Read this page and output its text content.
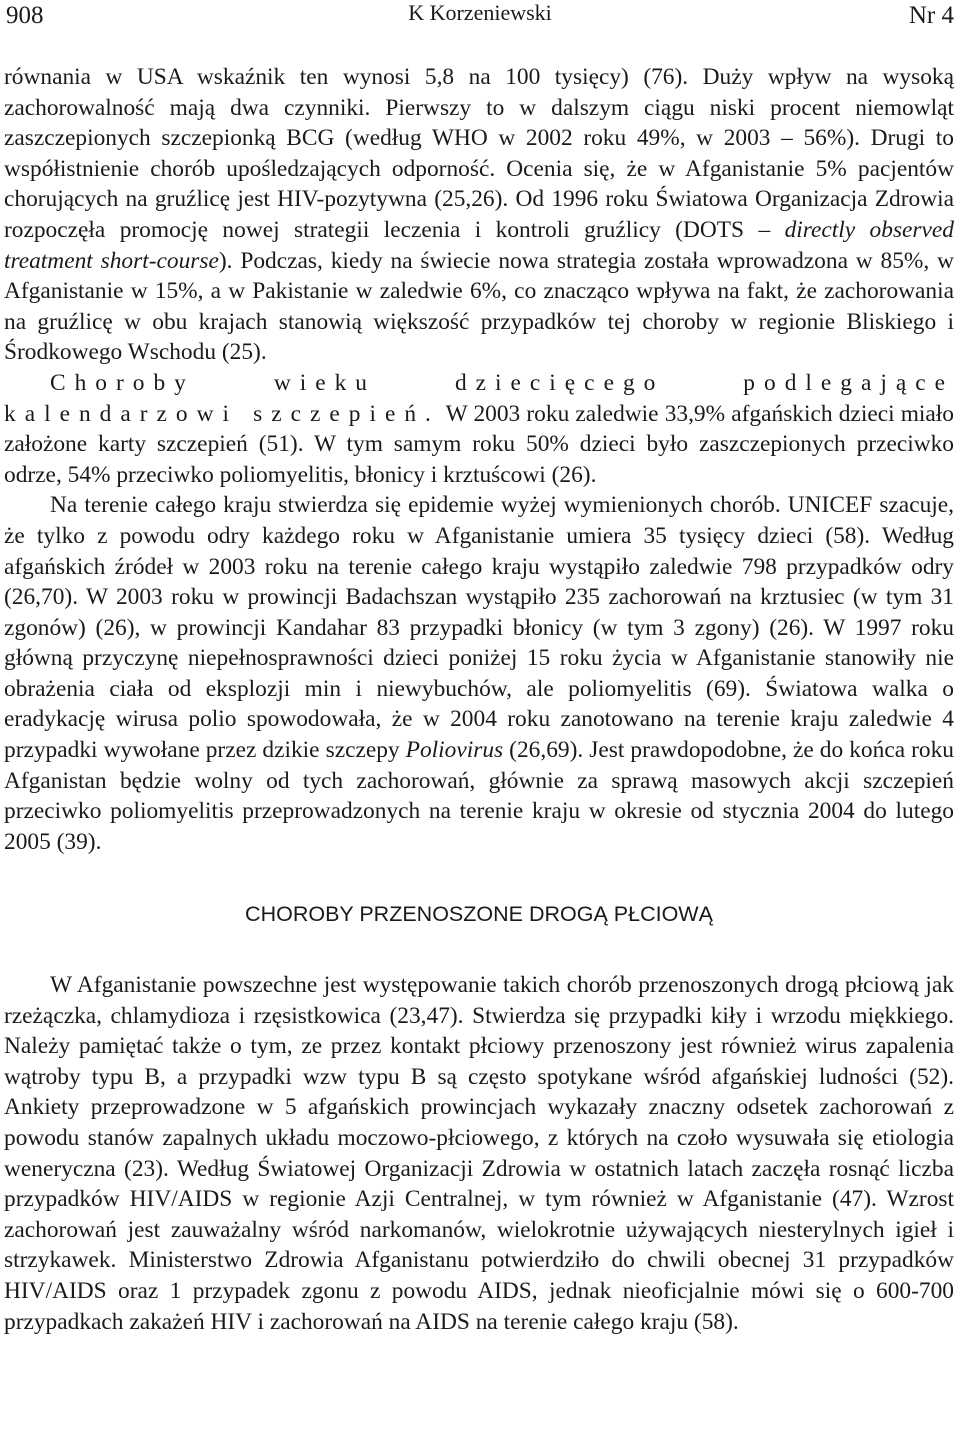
908	K Korzeniewski	Nr 4

równania w USA wskaźnik ten wynosi 5,8 na 100 tysięcy) (76). Duży wpływ na wysoką zachorowalność mają dwa czynniki. Pierwszy to w dalszym ciągu niski procent niemowląt zaszczepionych szczepionką BCG (według WHO w 2002 roku 49%, w 2003 – 56%). Drugi to współistnienie chorób upośledzających odporność. Ocenia się, że w Afganistanie 5% pacjentów chorujących na gruźlicę jest HIV-pozytywna (25,26). Od 1996 roku Światowa Organizacja Zdrowia rozpoczęła promocję nowej strategii leczenia i kontroli gruźlicy (DOTS – directly observed treatment short-course). Podczas, kiedy na świecie nowa strategia została wprowadzona w 85%, w Afganistanie w 15%, a w Pakistanie w zaledwie 6%, co znacząco wpływa na fakt, że zachorowania na gruźlicę w obu krajach stanowią większość przypadków tej choroby w regionie Bliskiego i Środkowego Wschodu (25).

Choroby wieku dziecięcego podlegające kalendarzowi szczepień. W 2003 roku zaledwie 33,9% afgańskich dzieci miało założone karty szczepień (51). W tym samym roku 50% dzieci było zaszczepionych przeciwko odrze, 54% przeciwko poliomyelitis, błonicy i krztuścowi (26).

Na terenie całego kraju stwierdza się epidemie wyżej wymienionych chorób. UNICEF szacuje, że tylko z powodu odry każdego roku w Afganistanie umiera 35 tysięcy dzieci (58). Według afgańskich źródeł w 2003 roku na terenie całego kraju wystąpiło zaledwie 798 przypadków odry (26,70). W 2003 roku w prowincji Badachszan wystąpiło 235 zachorowań na krztusiec (w tym 31 zgonów) (26), w prowincji Kandahar 83 przypadki błonicy (w tym 3 zgony) (26). W 1997 roku główną przyczynę niepełnosprawności dzieci poniżej 15 roku życia w Afganistanie stanowiły nie obrażenia ciała od eksplozji min i niewybuchów, ale poliomyelitis (69). Światowa walka o eradykację wirusa polio spowodowała, że w 2004 roku zanotowano na terenie kraju zaledwie 4 przypadki wywołane przez dzikie szczepy Poliovirus (26,69). Jest prawdopodobne, że do końca roku Afganistan będzie wolny od tych zachorowań, głównie za sprawą masowych akcji szczepień przeciwko poliomyelitis przeprowadzonych na terenie kraju w okresie od stycznia 2004 do lutego 2005 (39).

CHOROBY PRZENOSZONE DROGĄ PŁCIOWĄ

W Afganistanie powszechne jest występowanie takich chorób przenoszonych drogą płciową jak rzeżączka, chlamydioza i rzęsistkowica (23,47). Stwierdza się przypadki kiły i wrzodu miękkiego. Należy pamiętać także o tym, ze przez kontakt płciowy przenoszony jest również wirus zapalenia wątroby typu B, a przypadki wzw typu B są często spotykane wśród afgańskiej ludności (52). Ankiety przeprowadzone w 5 afgańskich prowincjach wykazały znaczny odsetek zachorowań z powodu stanów zapalnych układu moczowo-płciowego, z których na czoło wysuwała się etiologia weneryczna (23). Według Światowej Organizacji Zdrowia w ostatnich latach zaczęła rosnąć liczba przypadków HIV/AIDS w regionie Azji Centralnej, w tym również w Afganistanie (47). Wzrost zachorowań jest zauważalny wśród narkomanów, wielokrotnie używających niesterylnych igieł i strzykawek. Ministerstwo Zdrowia Afganistanu potwierdziło do chwili obecnej 31 przypadków HIV/AIDS oraz 1 przypadek zgonu z powodu AIDS, jednak nieoficjalnie mówi się o 600-700 przypadkach zakażeń HIV i zachorowań na AIDS na terenie całego kraju (58).
